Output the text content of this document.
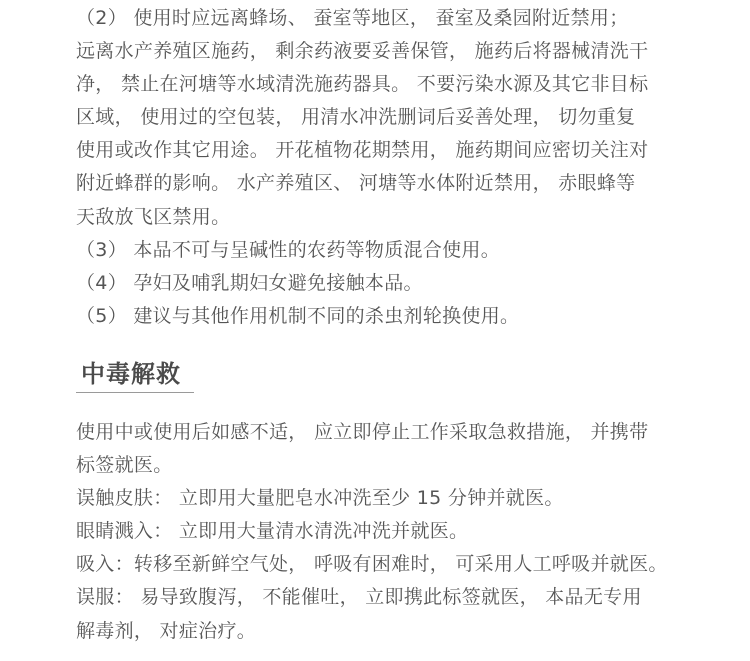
（2） 使用时应远离蜂场、 蚕室等地区， 蚕室及桑园附近禁用；
远离水产养殖区施药， 剩余药液要妥善保管， 施药后将器械清洗干
净， 禁止在河塘等水域清洗施药器具。 不要污染水源及其它非目标
区域， 使用过的空包装， 用清水冲洗删词后妥善处理， 切勿重复
使用或改作其它用途。 开花植物花期禁用， 施药期间应密切关注对
附近蜂群的影响。 水产养殖区、 河塘等水体附近禁用， 赤眼蜂等
天敌放飞区禁用。
（3） 本品不可与呈碱性的农药等物质混合使用。
（4） 孕妇及哺乳期妇女避免接触本品。
（5） 建议与其他作用机制不同的杀虫剂轮换使用。
中毒解救
使用中或使用后如感不适， 应立即停止工作采取急救措施， 并携带
标签就医。
误触皮肤： 立即用大量肥皂水冲洗至少 15 分钟并就医。
眼睛溅入： 立即用大量清水清洗冲洗并就医。
吸入：转移至新鲜空气处， 呼吸有困难时， 可采用人工呼吸并就医。
误服： 易导致腹泻， 不能催吐， 立即携此标签就医， 本品无专用
解毒剂， 对症治疗。
